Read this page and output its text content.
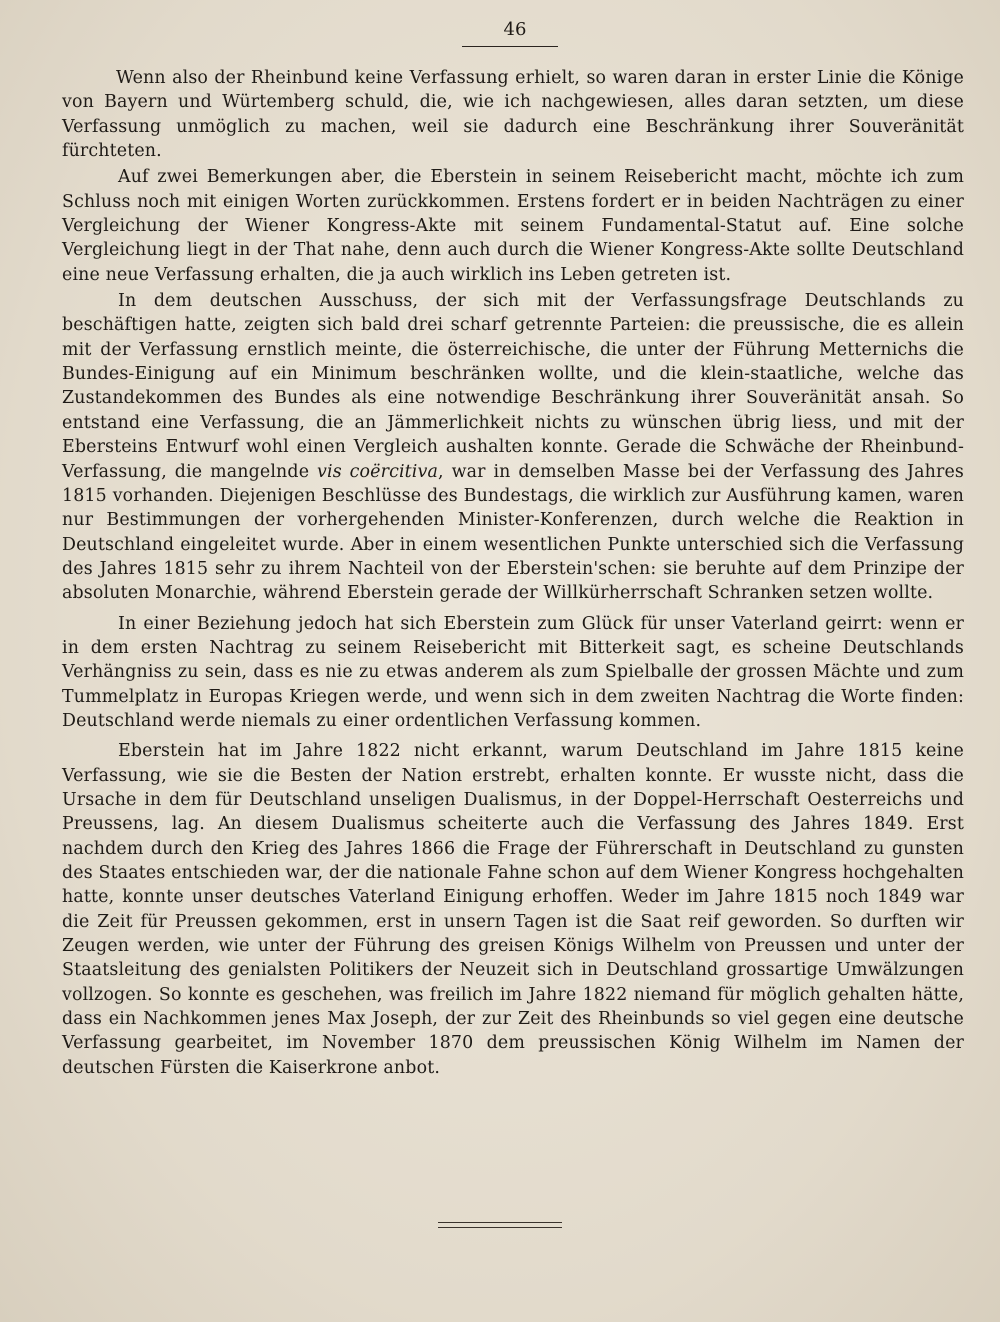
46

Wenn also der Rheinbund keine Verfassung erhielt, so waren daran in erster Linie die Könige von Bayern und Würtemberg schuld, die, wie ich nachgewiesen, alles daran setzten, um diese Verfassung unmöglich zu machen, weil sie dadurch eine Beschränkung ihrer Souveränität fürchteten.

Auf zwei Bemerkungen aber, die Eberstein in seinem Reisebericht macht, möchte ich zum Schluss noch mit einigen Worten zurückkommen. Erstens fordert er in beiden Nachträgen zu einer Vergleichung der Wiener Kongress-Akte mit seinem Fundamental-Statut auf. Eine solche Vergleichung liegt in der That nahe, denn auch durch die Wiener Kongress-Akte sollte Deutschland eine neue Verfassung erhalten, die ja auch wirklich ins Leben getreten ist.

In dem deutschen Ausschuss, der sich mit der Verfassungsfrage Deutschlands zu beschäftigen hatte, zeigten sich bald drei scharf getrennte Parteien: die preussische, die es allein mit der Verfassung ernstlich meinte, die österreichische, die unter der Führung Metternichs die Bundes-Einigung auf ein Minimum beschränken wollte, und die klein-staatliche, welche das Zustandekommen des Bundes als eine notwendige Beschränkung ihrer Souveränität ansah. So entstand eine Verfassung, die an Jämmerlichkeit nichts zu wünschen übrig liess, und mit der Ebersteins Entwurf wohl einen Vergleich aushalten konnte. Gerade die Schwäche der Rheinbund-Verfassung, die mangelnde vis coërcitiva, war in demselben Masse bei der Verfassung des Jahres 1815 vorhanden. Diejenigen Beschlüsse des Bundestags, die wirklich zur Ausführung kamen, waren nur Bestimmungen der vorhergehenden Minister-Konferenzen, durch welche die Reaktion in Deutschland eingeleitet wurde. Aber in einem wesentlichen Punkte unterschied sich die Verfassung des Jahres 1815 sehr zu ihrem Nachteil von der Eberstein'schen: sie beruhte auf dem Prinzipe der absoluten Monarchie, während Eberstein gerade der Willkürherrschaft Schranken setzen wollte.

In einer Beziehung jedoch hat sich Eberstein zum Glück für unser Vaterland geirrt: wenn er in dem ersten Nachtrag zu seinem Reisebericht mit Bitterkeit sagt, es scheine Deutschlands Verhängniss zu sein, dass es nie zu etwas anderem als zum Spielballe der grossen Mächte und zum Tummelplatz in Europas Kriegen werde, und wenn sich in dem zweiten Nachtrag die Worte finden: Deutschland werde niemals zu einer ordentlichen Verfassung kommen.

Eberstein hat im Jahre 1822 nicht erkannt, warum Deutschland im Jahre 1815 keine Verfassung, wie sie die Besten der Nation erstrebt, erhalten konnte. Er wusste nicht, dass die Ursache in dem für Deutschland unseligen Dualismus, in der Doppel-Herrschaft Oesterreichs und Preussens, lag. An diesem Dualismus scheiterte auch die Verfassung des Jahres 1849. Erst nachdem durch den Krieg des Jahres 1866 die Frage der Führerschaft in Deutschland zu gunsten des Staates entschieden war, der die nationale Fahne schon auf dem Wiener Kongress hochgehalten hatte, konnte unser deutsches Vaterland Einigung erhoffen. Weder im Jahre 1815 noch 1849 war die Zeit für Preussen gekommen, erst in unsern Tagen ist die Saat reif geworden. So durften wir Zeugen werden, wie unter der Führung des greisen Königs Wilhelm von Preussen und unter der Staatsleitung des genialsten Politikers der Neuzeit sich in Deutschland grossartige Umwälzungen vollzogen. So konnte es geschehen, was freilich im Jahre 1822 niemand für möglich gehalten hätte, dass ein Nachkommen jenes Max Joseph, der zur Zeit des Rheinbunds so viel gegen eine deutsche Verfassung gearbeitet, im November 1870 dem preussischen König Wilhelm im Namen der deutschen Fürsten die Kaiserkrone anbot.
